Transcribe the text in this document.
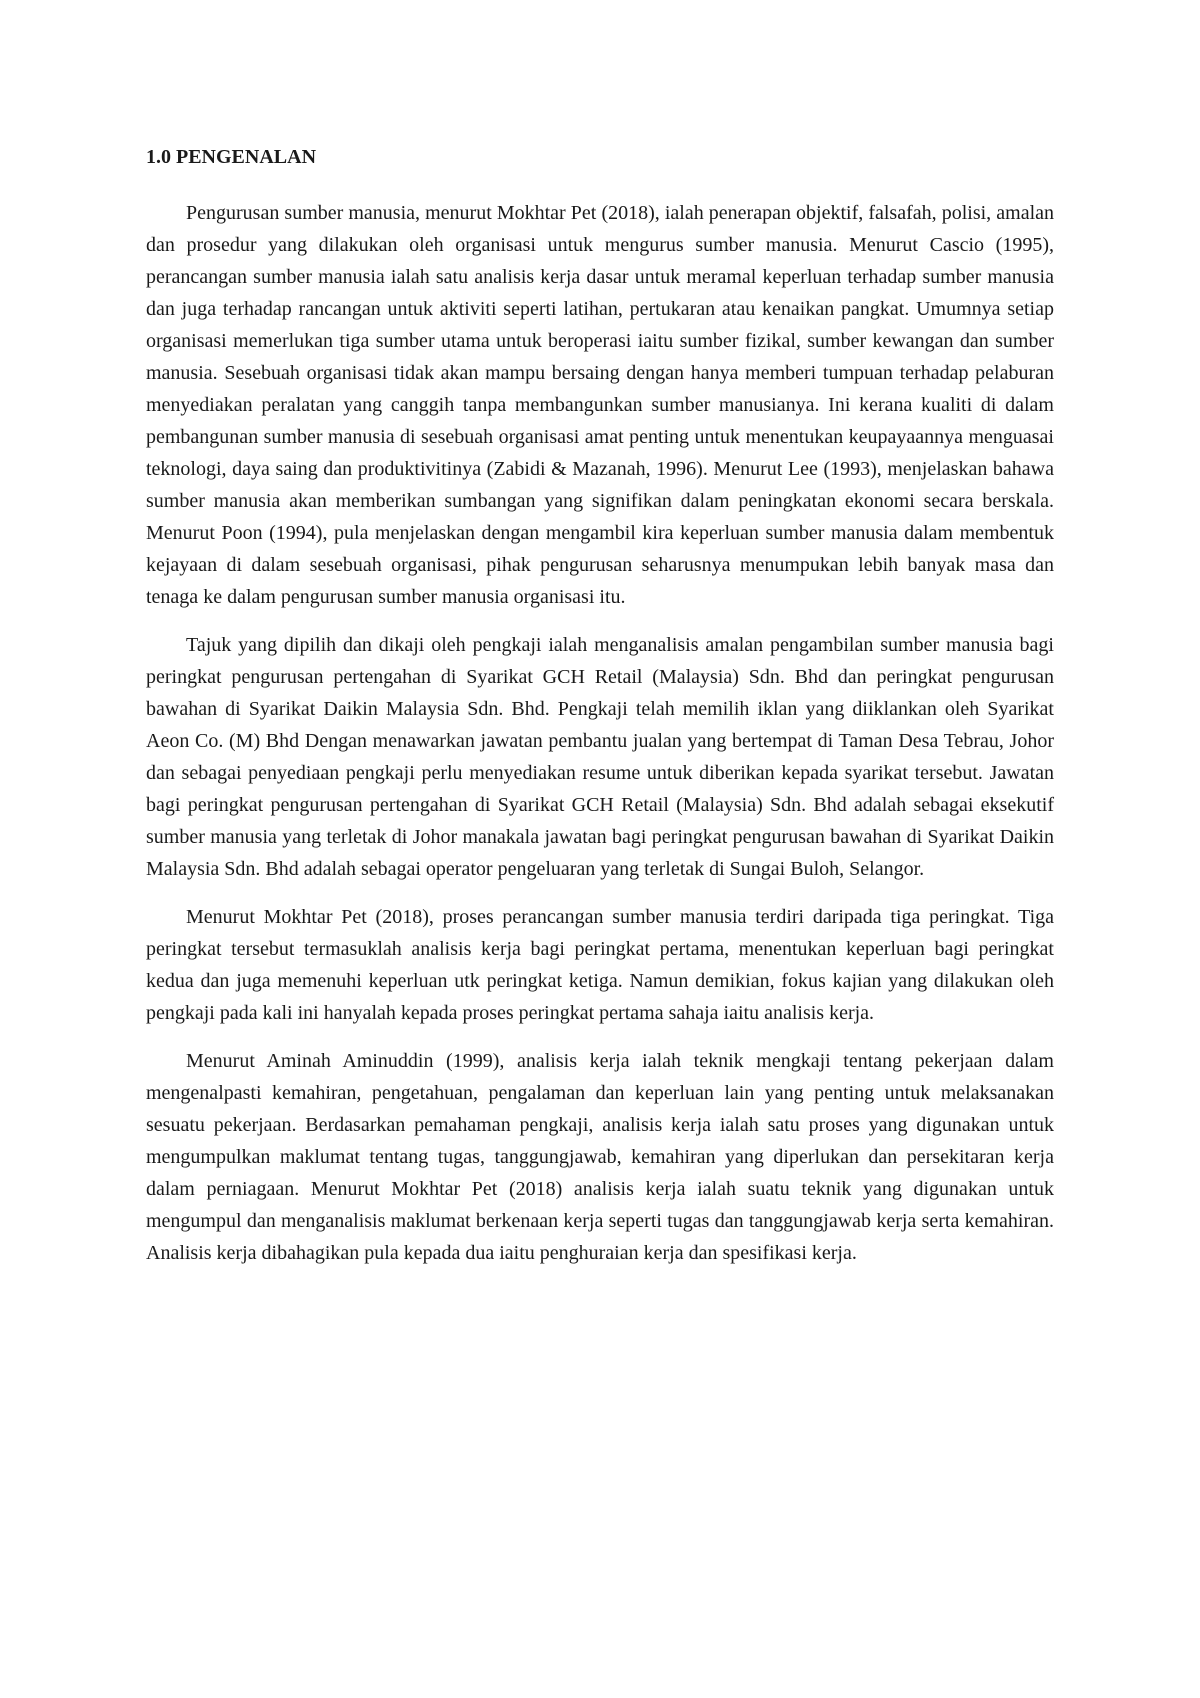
1.0 PENGENALAN

Pengurusan sumber manusia, menurut Mokhtar Pet (2018), ialah penerapan objektif, falsafah, polisi, amalan dan prosedur yang dilakukan oleh organisasi untuk mengurus sumber manusia. Menurut Cascio (1995), perancangan sumber manusia ialah satu analisis kerja dasar untuk meramal keperluan terhadap sumber manusia dan juga terhadap rancangan untuk aktiviti seperti latihan, pertukaran atau kenaikan pangkat. Umumnya setiap organisasi memerlukan tiga sumber utama untuk beroperasi iaitu sumber fizikal, sumber kewangan dan sumber manusia. Sesebuah organisasi tidak akan mampu bersaing dengan hanya memberi tumpuan terhadap pelaburan menyediakan peralatan yang canggih tanpa membangunkan sumber manusianya. Ini kerana kualiti di dalam pembangunan sumber manusia di sesebuah organisasi amat penting untuk menentukan keupayaannya menguasai teknologi, daya saing dan produktivitinya (Zabidi & Mazanah, 1996). Menurut Lee (1993), menjelaskan bahawa sumber manusia akan memberikan sumbangan yang signifikan dalam peningkatan ekonomi secara berskala. Menurut Poon (1994), pula menjelaskan dengan mengambil kira keperluan sumber manusia dalam membentuk kejayaan di dalam sesebuah organisasi, pihak pengurusan seharusnya menumpukan lebih banyak masa dan tenaga ke dalam pengurusan sumber manusia organisasi itu.

Tajuk yang dipilih dan dikaji oleh pengkaji ialah menganalisis amalan pengambilan sumber manusia bagi peringkat pengurusan pertengahan di Syarikat GCH Retail (Malaysia) Sdn. Bhd dan peringkat pengurusan bawahan di Syarikat Daikin Malaysia Sdn. Bhd. Pengkaji telah memilih iklan yang diiklankan oleh Syarikat Aeon Co. (M) Bhd Dengan menawarkan jawatan pembantu jualan yang bertempat di Taman Desa Tebrau, Johor dan sebagai penyediaan pengkaji perlu menyediakan resume untuk diberikan kepada syarikat tersebut. Jawatan bagi peringkat pengurusan pertengahan di Syarikat GCH Retail (Malaysia) Sdn. Bhd adalah sebagai eksekutif sumber manusia yang terletak di Johor manakala jawatan bagi peringkat pengurusan bawahan di Syarikat Daikin Malaysia Sdn. Bhd adalah sebagai operator pengeluaran yang terletak di Sungai Buloh, Selangor.

Menurut Mokhtar Pet (2018), proses perancangan sumber manusia terdiri daripada tiga peringkat. Tiga peringkat tersebut termasuklah analisis kerja bagi peringkat pertama, menentukan keperluan bagi peringkat kedua dan juga memenuhi keperluan utk peringkat ketiga. Namun demikian, fokus kajian yang dilakukan oleh pengkaji pada kali ini hanyalah kepada proses peringkat pertama sahaja iaitu analisis kerja.

Menurut Aminah Aminuddin (1999), analisis kerja ialah teknik mengkaji tentang pekerjaan dalam mengenalpasti kemahiran, pengetahuan, pengalaman dan keperluan lain yang penting untuk melaksanakan sesuatu pekerjaan. Berdasarkan pemahaman pengkaji, analisis kerja ialah satu proses yang digunakan untuk mengumpulkan maklumat tentang tugas, tanggungjawab, kemahiran yang diperlukan dan persekitaran kerja dalam perniagaan. Menurut Mokhtar Pet (2018) analisis kerja ialah suatu teknik yang digunakan untuk mengumpul dan menganalisis maklumat berkenaan kerja seperti tugas dan tanggungjawab kerja serta kemahiran. Analisis kerja dibahagikan pula kepada dua iaitu penghuraian kerja dan spesifikasi kerja.
